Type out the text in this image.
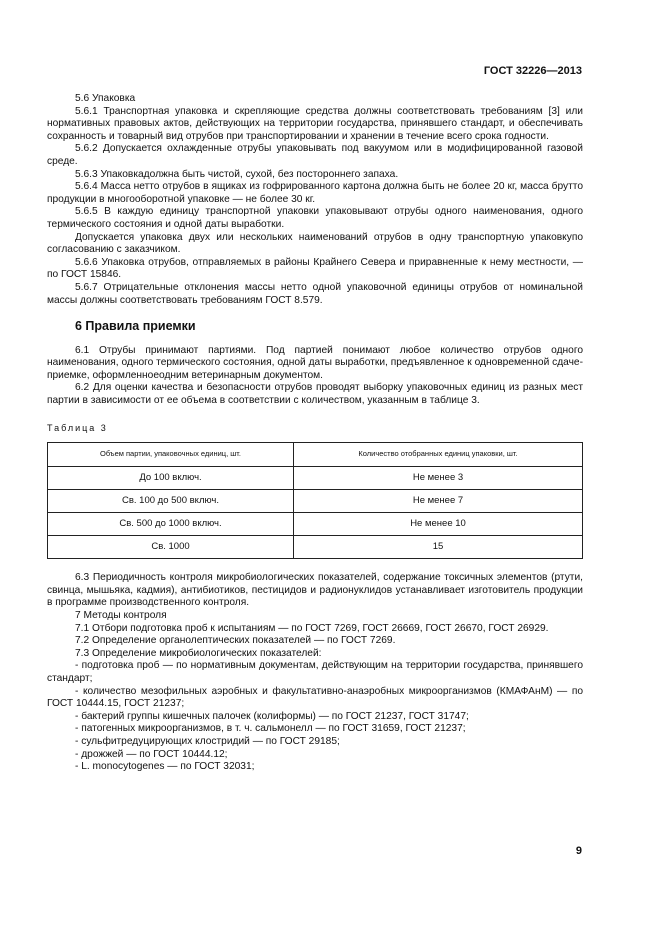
ГОСТ 32226—2013

5.6 Упаковка

5.6.1 Транспортная упаковка и скрепляющие средства должны соответствовать требованиям [3] или нормативных правовых актов, действующих на территории государства, принявшего стандарт, и обеспечивать сохранность и товарный вид отрубов при транспортировании и хранении в течение всего срока годности.

5.6.2 Допускается охлажденные отрубы упаковывать под вакуумом или в модифицированной газовой среде.

5.6.3 Упаковкадолжна быть чистой, сухой, без постороннего запаха.

5.6.4 Масса нетто отрубов в ящиках из гофрированного картона должна быть не более 20 кг, масса брутто продукции в многооборотной упаковке — не более 30 кг.

5.6.5 В каждую единицу транспортной упаковки упаковывают отрубы одного наименования, одного термического состояния и одной даты выработки.

Допускается упаковка двух или нескольких наименований отрубов в одну транспортную упаковкупо согласованию с заказчиком.

5.6.6 Упаковка отрубов, отправляемых в районы Крайнего Севера и приравненные к нему местности, — по ГОСТ 15846.

5.6.7 Отрицательные отклонения массы нетто одной упаковочной единицы отрубов от номинальной массы должны соответствовать требованиям ГОСТ 8.579.

6 Правила приемки

6.1 Отрубы принимают партиями. Под партией понимают любое количество отрубов одного наименования, одного термического состояния, одной даты выработки, предъявленное к одновременной сдаче-приемке, оформленноеодним ветеринарным документом.

6.2 Для оценки качества и безопасности отрубов проводят выборку упаковочных единиц из разных мест партии в зависимости от ее объема в соответствии с количеством, указанным в таблице 3.

Таблица 3
Объем партии, упаковочных единиц, шт.	Количество отобранных единиц упаковки, шт.
До 100 включ.	Не менее 3
Св. 100 до 500 включ.	Не менее 7
Св. 500 до 1000 включ.	Не менее 10
Св. 1000	15

6.3 Периодичность контроля микробиологических показателей, содержание токсичных элементов (ртути, свинца, мышьяка, кадмия), антибиотиков, пестицидов и радионуклидов устанавливает изготовитель продукции в программе производственного контроля.

7 Методы контроля

7.1 Отбори подготовка проб к испытаниям — по ГОСТ 7269, ГОСТ 26669, ГОСТ 26670, ГОСТ 26929.

7.2 Определение органолептических показателей — по ГОСТ 7269.

7.3 Определение микробиологических показателей:

- подготовка проб — по нормативным документам, действующим на территории государства, принявшего стандарт;

- количество мезофильных аэробных и факультативно-анаэробных микроорганизмов (КМАФАнМ) — по ГОСТ 10444.15, ГОСТ 21237;

- бактерий группы кишечных палочек (колиформы) — по ГОСТ 21237, ГОСТ 31747;

- патогенных микроорганизмов, в т. ч. сальмонелл — по ГОСТ 31659, ГОСТ 21237;

- сульфитредуцирующих клостридий — по ГОСТ 29185;

- дрожжей — по ГОСТ 10444.12;

- L. monocytogenes — по ГОСТ 32031;

9
